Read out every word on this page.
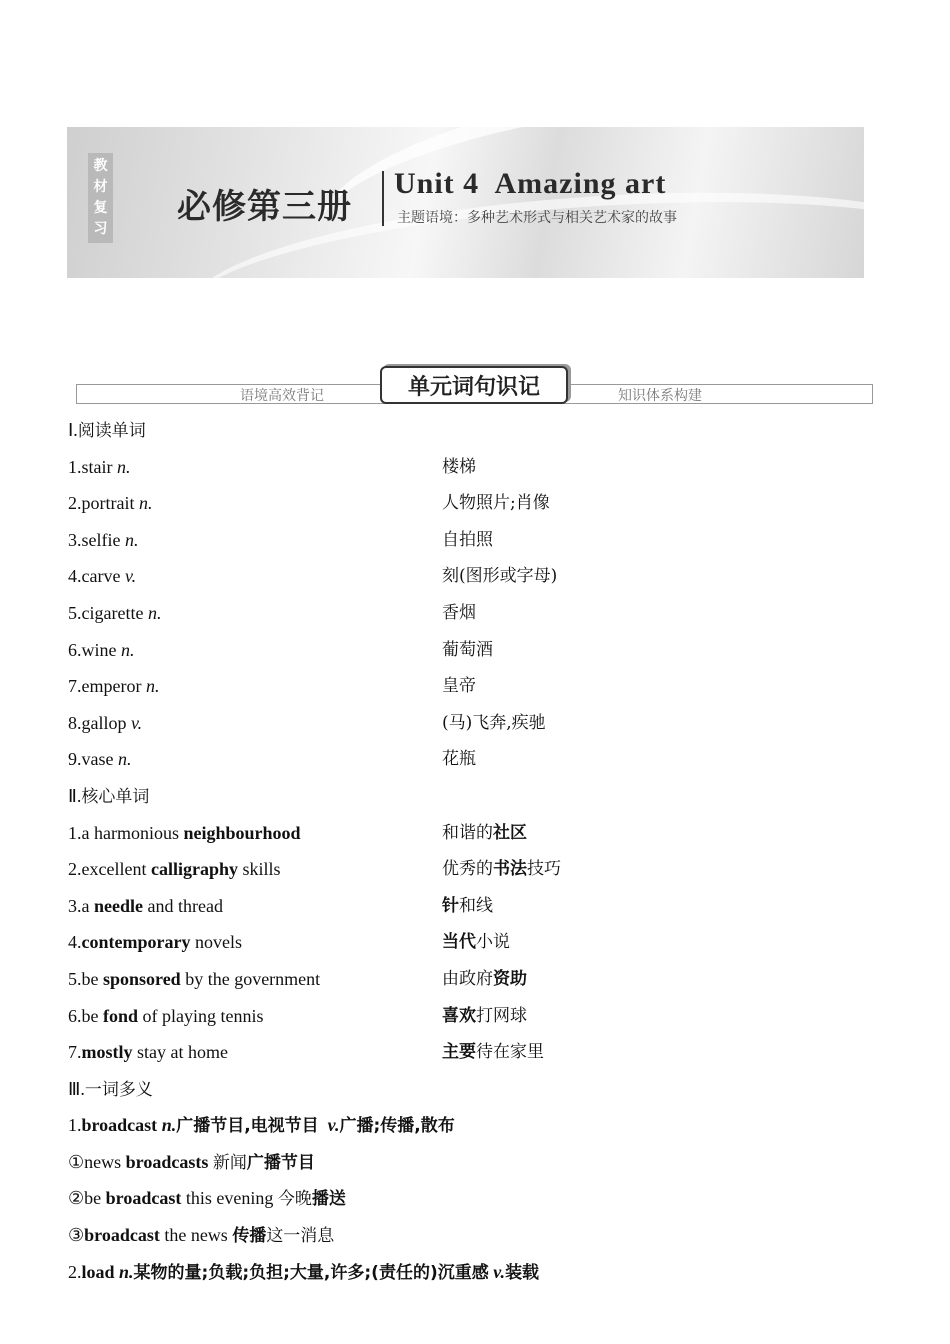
教
材
复
习
必修第三册
Unit 4  Amazing art
主题语境：多种艺术形式与相关艺术家的故事
语境高效背记	知识体系构建
单元词句识记
Ⅰ.阅读单词
1.stair n.	楼梯
2.portrait n.	人物照片;肖像
3.selfie n.	自拍照
4.carve v.	刻(图形或字母)
5.cigarette n.	香烟
6.wine n.	葡萄酒
7.emperor n.	皇帝
8.gallop v.	(马)飞奔,疾驰
9.vase n.	花瓶
Ⅱ.核心单词
1.a harmonious neighbourhood	和谐的社区
2.excellent calligraphy skills	优秀的书法技巧
3.a needle and thread	针和线
4.contemporary novels	当代小说
5.be sponsored by the government	由政府资助
6.be fond of playing tennis	喜欢打网球
7.mostly stay at home	主要待在家里
Ⅲ.一词多义
1.broadcast n.广播节目,电视节目 v.广播;传播,散布
①news broadcasts 新闻广播节目
②be broadcast this evening 今晚播送
③broadcast the news 传播这一消息
2.load n.某物的量;负载;负担;大量,许多;(责任的)沉重感 v.装载
